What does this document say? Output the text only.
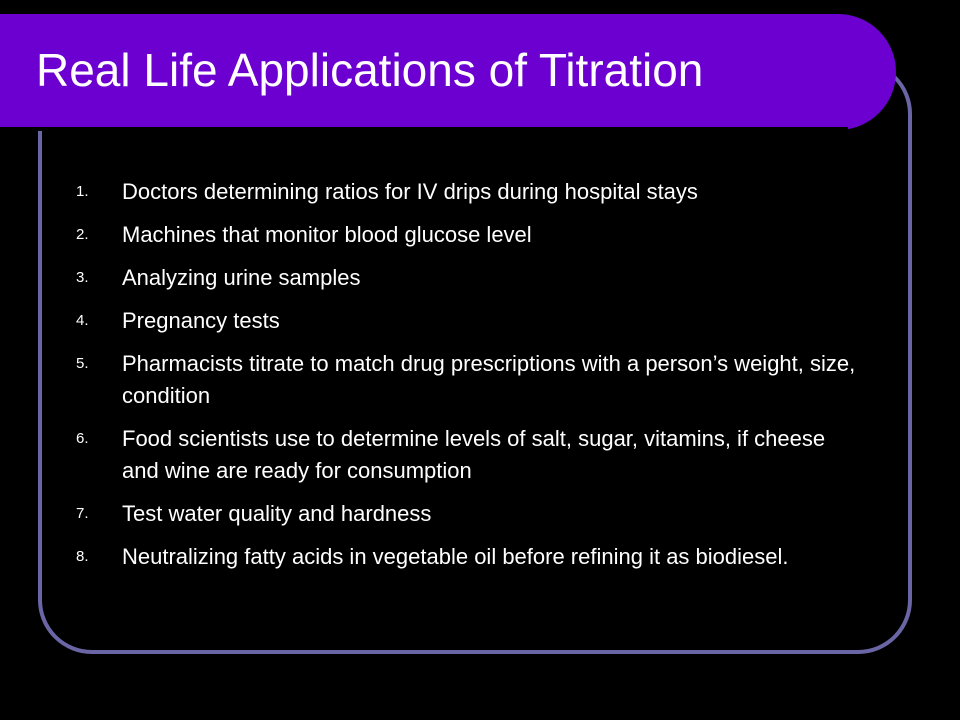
Real Life Applications of Titration
1.	Doctors determining ratios for IV drips during hospital stays
2.	Machines that monitor blood glucose level
3.	Analyzing urine samples
4.	Pregnancy tests
5.	Pharmacists titrate to match drug prescriptions with a person’s weight, size, condition
6.	Food scientists use to determine levels of salt, sugar, vitamins, if cheese and wine are ready for consumption
7.	Test water quality and hardness
8.	Neutralizing fatty acids in vegetable oil before refining it as biodiesel.
